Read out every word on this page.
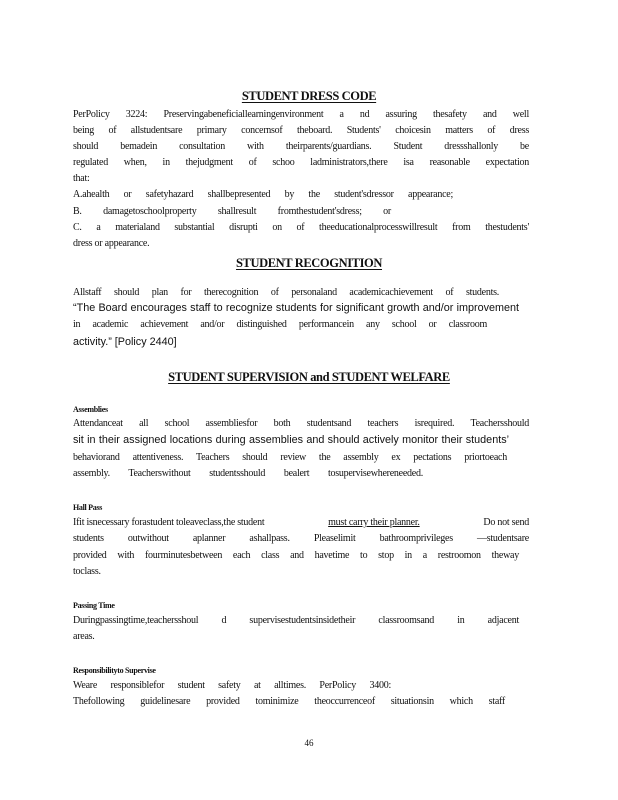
STUDENT DRESS CODE
PerPolicy 3224: Preservingabeneficiallearningenvironment a nd assuring thesafety and well
being of allstudentsare primary concernsof theboard. Students' choicesin matters of dress
should bemadein consultation with theirparents/guardians. Student dressshallonly be
regulated when, in thejudgment of schoo ladministrators,there isa reasonable expectation
that:
A.ahealth or safetyhazard shallbepresented by the student'sdressor appearance;
B. damagetoschoolproperty shallresult fromthestudent'sdress; or
C. a materialand substantial disrupti on of theeducationalprocesswillresult from thestudents'
dress or appearance.
STUDENT RECOGNITION
Allstaff should plan for therecognition of personaland academicachievement of students.
“The Board encourages staff to recognize students for significant growth and/or improvement
in academic achievement and/or distinguished performancein any school or classroom
activity.” [Policy 2440]
STUDENT SUPERVISION and STUDENT WELFARE
Assemblies
Attendanceat all school assembliesfor both studentsand teachers isrequired. Teachersshould
sit in their assigned locations during assemblies and should actively monitor their students’
behaviorand attentiveness. Teachers should review the assembly ex pectations priortoeach
assembly. Teacherswithout studentsshould bealert tosupervisewhereneeded.
Hall Pass
Ifit isnecessary forastudent toleaveclass,the student	must carry their planner.	Do not send
students outwithout aplanner ashallpass. Pleaselimit bathroomprivileges —studentsare
provided with fourminutesbetween each class and havetime to stop in a restroomon theway
toclass.
Passing Time
Duringpassingtime,teachersshoul d supervisestudentsinsidetheir classroomsand in adjacent
areas.
Responsibilityto Supervise
Weare responsiblefor student safety at alltimes. PerPolicy 3400:
Thefollowing guidelinesare provided tominimize theoccurrenceof situationsin which staff
46
